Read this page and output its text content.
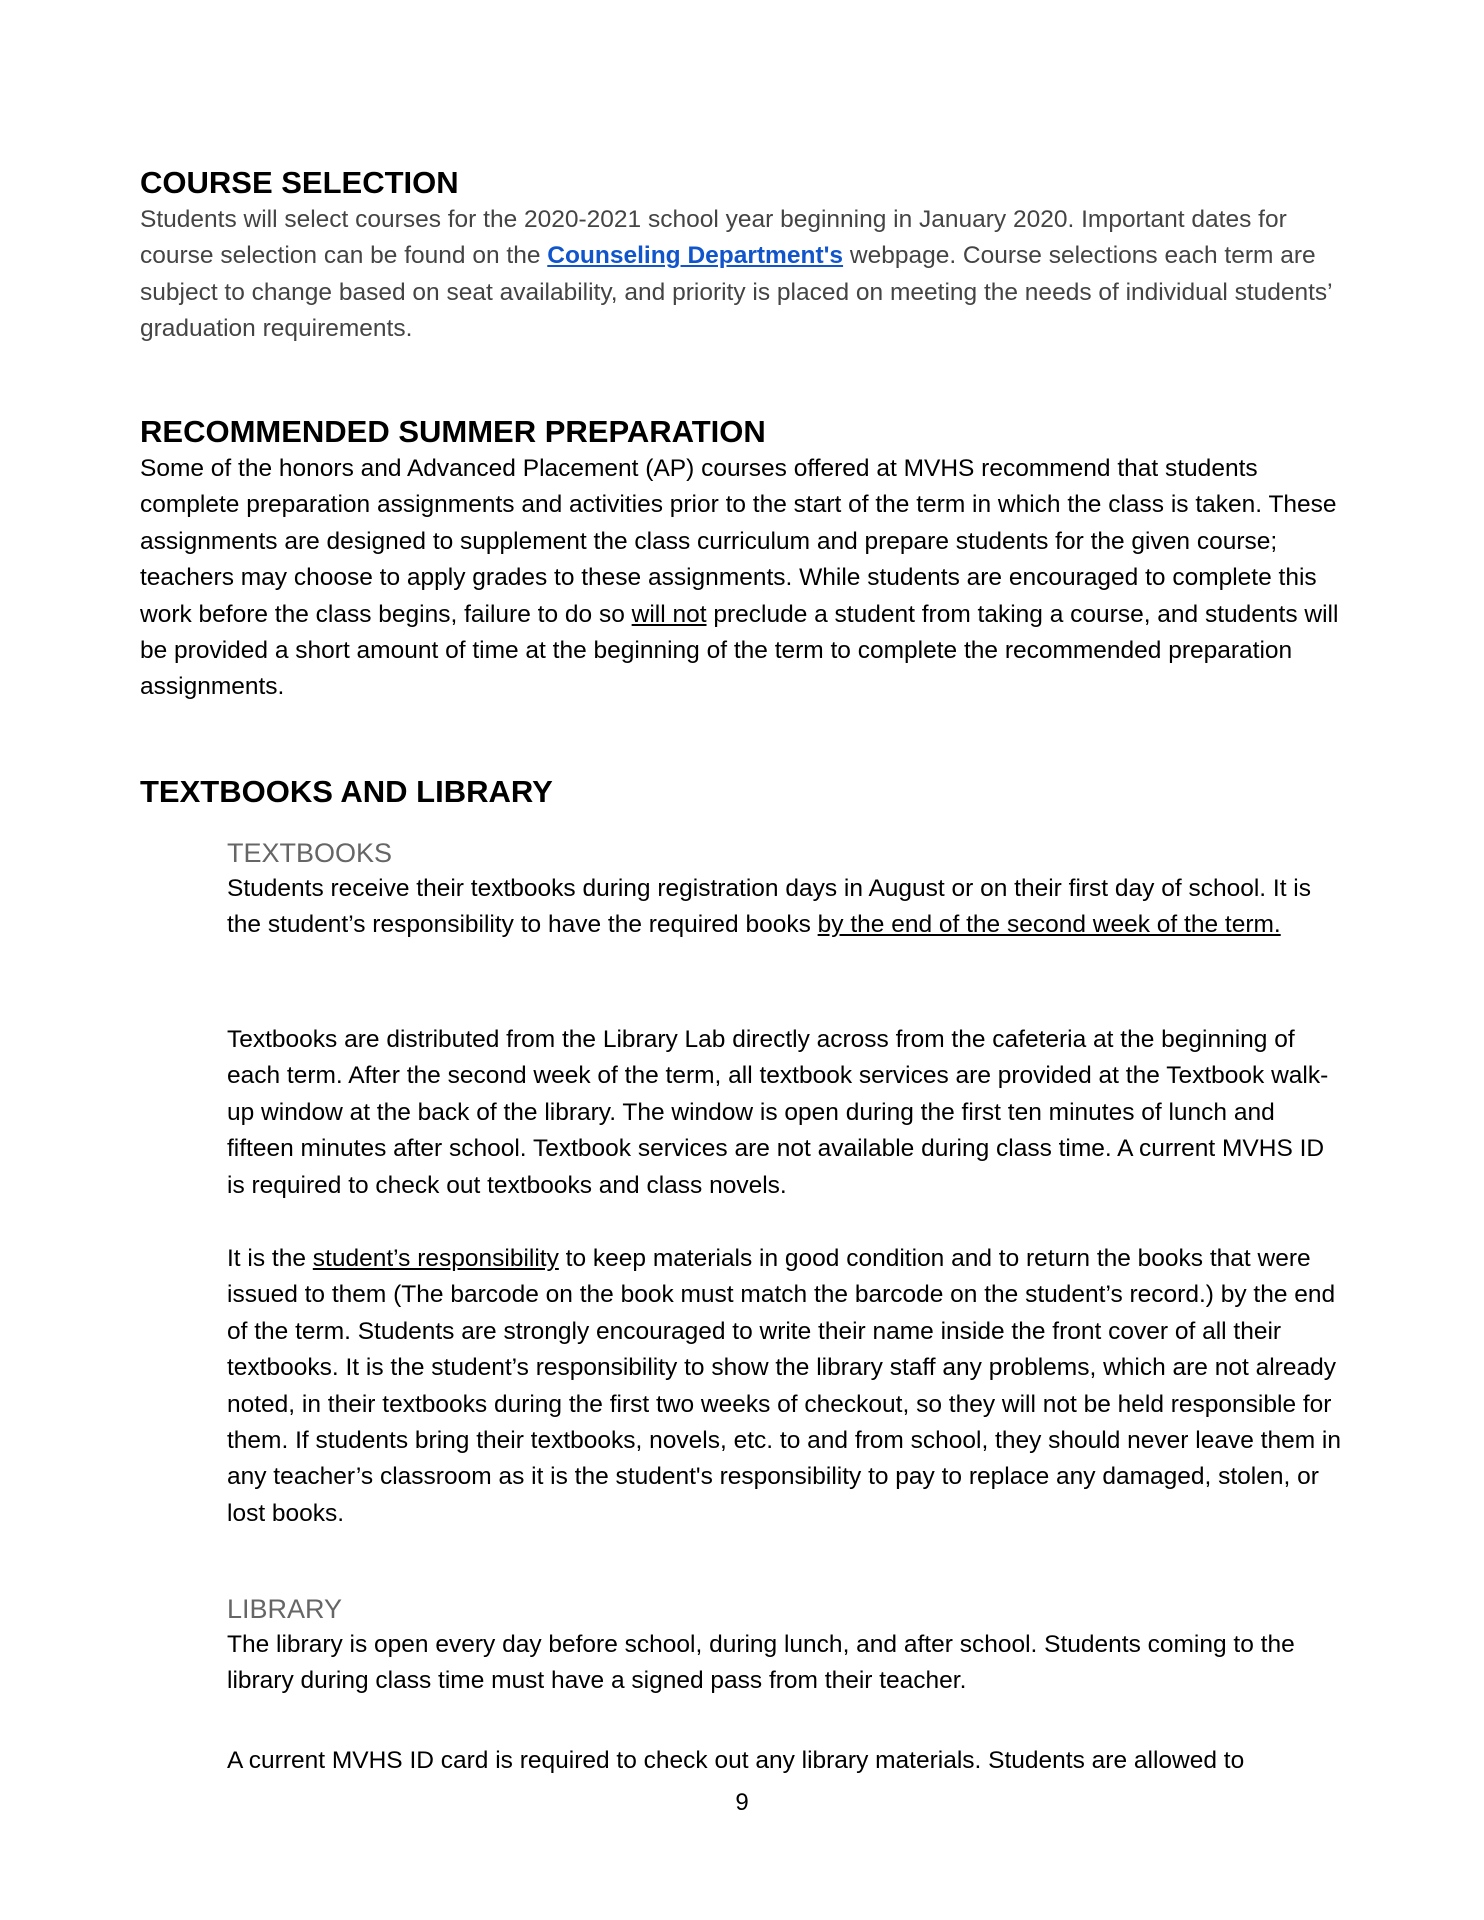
COURSE SELECTION

Students will select courses for the 2020-2021 school year beginning in January 2020. Important dates for course selection can be found on the Counseling Department's webpage. Course selections each term are subject to change based on seat availability, and priority is placed on meeting the needs of individual students’ graduation requirements.

RECOMMENDED SUMMER PREPARATION

Some of the honors and Advanced Placement (AP) courses offered at MVHS recommend that students complete preparation assignments and activities prior to the start of the term in which the class is taken. These assignments are designed to supplement the class curriculum and prepare students for the given course; teachers may choose to apply grades to these assignments. While students are encouraged to complete this work before the class begins, failure to do so will not preclude a student from taking a course, and students will be provided a short amount of time at the beginning of the term to complete the recommended preparation assignments.

TEXTBOOKS AND LIBRARY
TEXTBOOKS

Students receive their textbooks during registration days in August or on their first day of school. It is the student’s responsibility to have the required books by the end of the second week of the term.

Textbooks are distributed from the Library Lab directly across from the cafeteria at the beginning of each term. After the second week of the term, all textbook services are provided at the Textbook walk-up window at the back of the library. The window is open during the first ten minutes of lunch and fifteen minutes after school. Textbook services are not available during class time. A current MVHS ID is required to check out textbooks and class novels.

It is the student’s responsibility to keep materials in good condition and to return the books that were issued to them (The barcode on the book must match the barcode on the student’s record.) by the end of the term. Students are strongly encouraged to write their name inside the front cover of all their textbooks. It is the student’s responsibility to show the library staff any problems, which are not already noted, in their textbooks during the first two weeks of checkout, so they will not be held responsible for them. If students bring their textbooks, novels, etc. to and from school, they should never leave them in any teacher’s classroom as it is the student's responsibility to pay to replace any damaged, stolen, or lost books.

LIBRARY

The library is open every day before school, during lunch, and after school. Students coming to the library during class time must have a signed pass from their teacher.

A current MVHS ID card is required to check out any library materials. Students are allowed to

9
